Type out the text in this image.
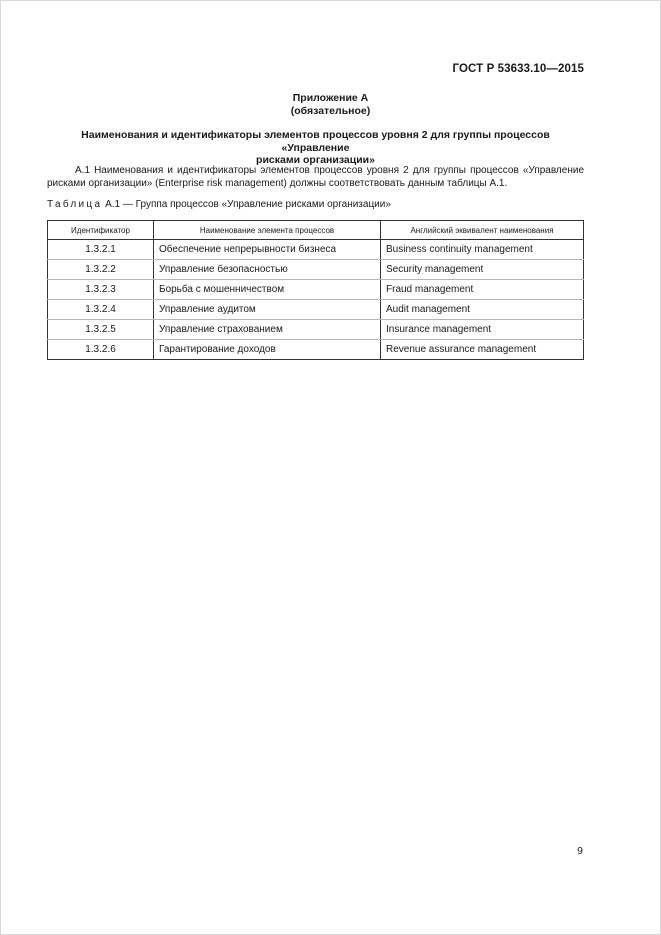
ГОСТ Р 53633.10—2015
Приложение А
(обязательное)
Наименования и идентификаторы элементов процессов уровня 2 для группы процессов «Управление
рисками организации»
А.1 Наименования и идентификаторы элементов процессов уровня 2 для группы процессов «Управление рисками организации» (Enterprise risk management) должны соответствовать данным таблицы А.1.
Таблица А.1 — Группа процессов «Управление рисками организации»
Идентификатор	Наименование элемента процессов	Английский эквивалент наименования
1.3.2.1	Обеспечение непрерывности бизнеса	Business continuity management
1.3.2.2	Управление безопасностью	Security management
1.3.2.3	Борьба с мошенничеством	Fraud management
1.3.2.4	Управление аудитом	Audit management
1.3.2.5	Управление страхованием	Insurance management
1.3.2.6	Гарантирование доходов	Revenue assurance management
9
